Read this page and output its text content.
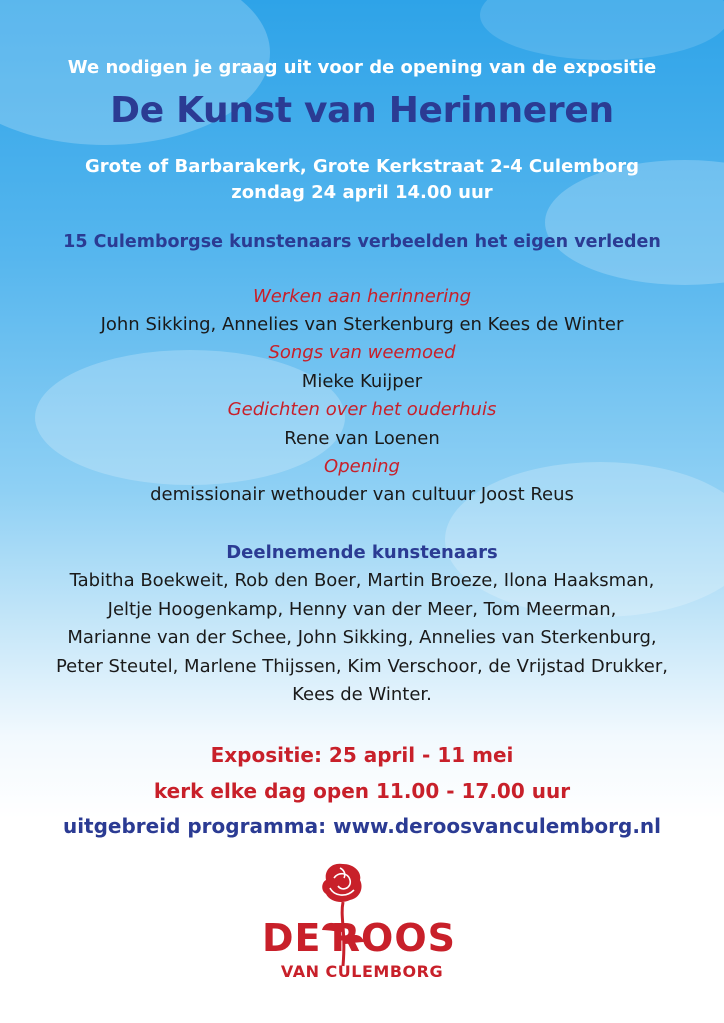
We nodigen je graag uit voor de opening van de expositie
De Kunst van Herinneren
Grote of Barbarakerk, Grote Kerkstraat 2-4 Culemborg
zondag 24 april 14.00 uur
15 Culemborgse kunstenaars verbeelden het eigen verleden
Werken aan herinnering
John Sikking, Annelies van Sterkenburg en Kees de Winter
Songs van weemoed
Mieke Kuijper
Gedichten over het ouderhuis
Rene van Loenen
Opening
demissionair wethouder van cultuur Joost Reus
Deelnemende kunstenaars
Tabitha Boekweit, Rob den Boer, Martin Broeze, Ilona Haaksman,
Jeltje Hoogenkamp, Henny van der Meer, Tom Meerman,
Marianne van der Schee, John Sikking, Annelies van Sterkenburg,
Peter Steutel, Marlene Thijssen, Kim Verschoor, de Vrijstad Drukker,
Kees de Winter.
Expositie: 25 april - 11 mei
kerk elke dag open 11.00 - 17.00 uur
uitgebreid programma: www.deroosvanculemborg.nl
DE ROOS
VAN CULEMBORG
